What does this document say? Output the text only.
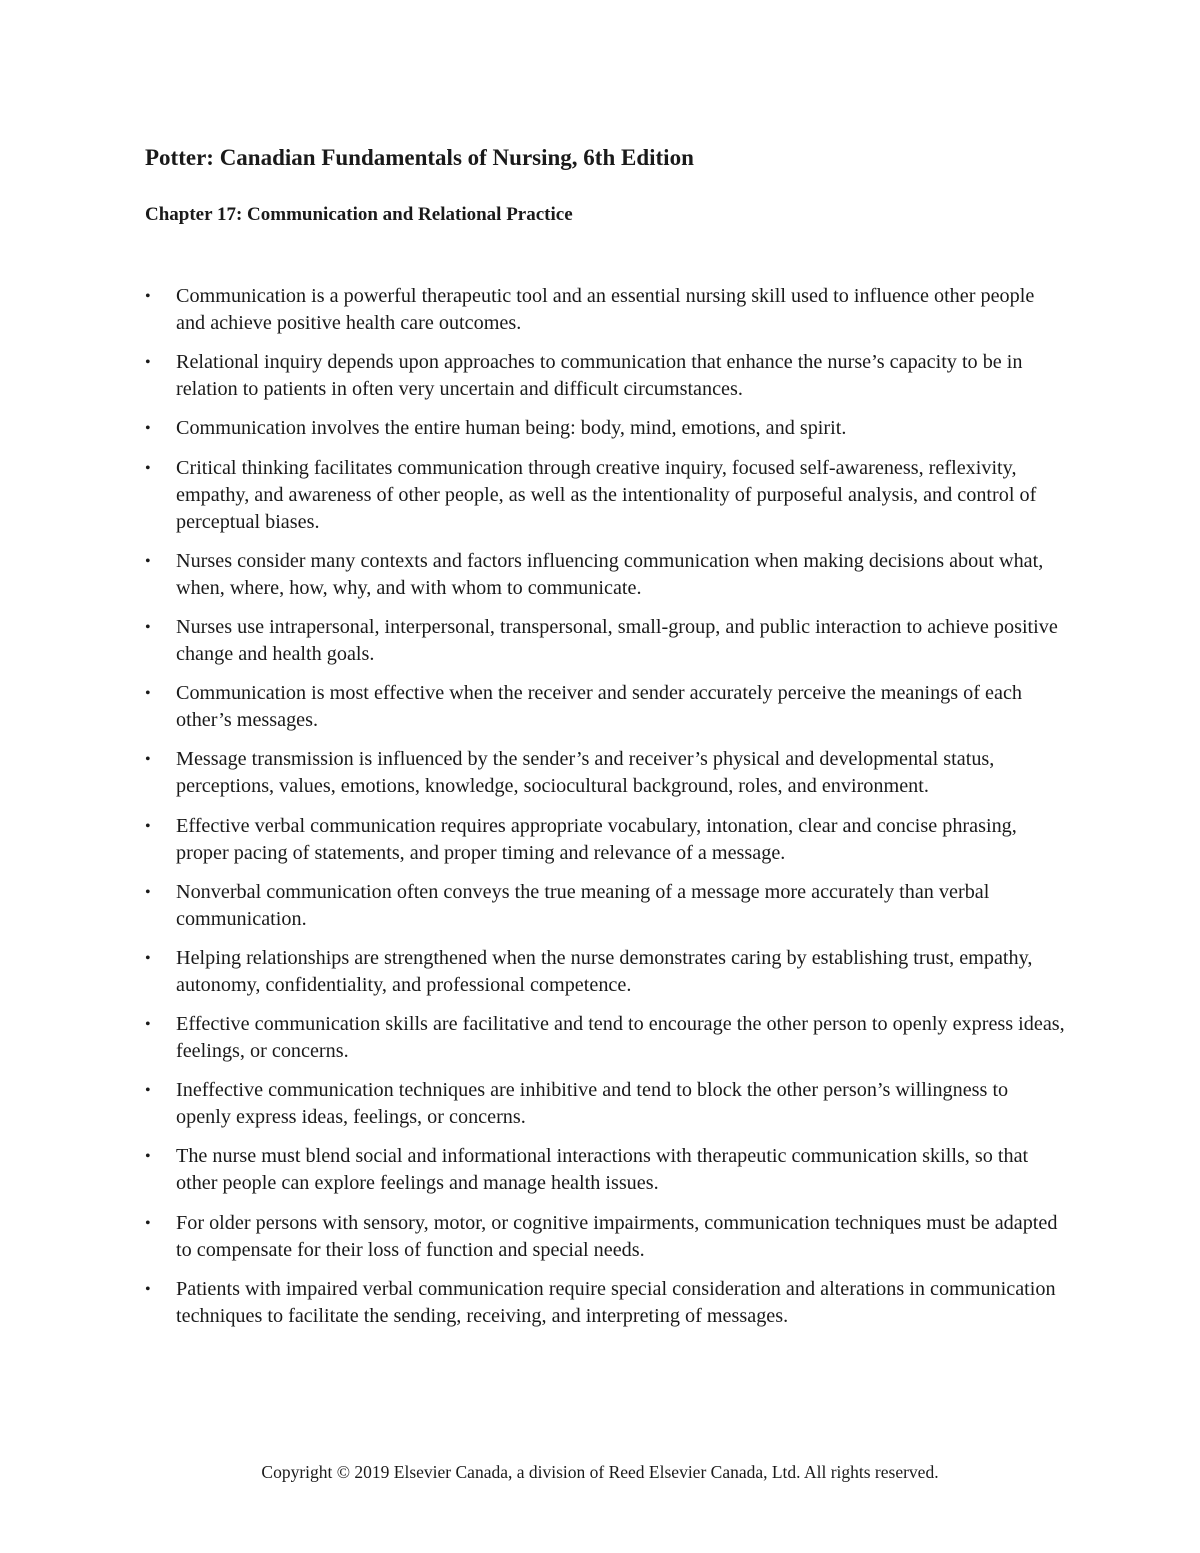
Potter: Canadian Fundamentals of Nursing, 6th Edition
Chapter 17: Communication and Relational Practice
• Communication is a powerful therapeutic tool and an essential nursing skill used to influence other people and achieve positive health care outcomes.
• Relational inquiry depends upon approaches to communication that enhance the nurse’s capacity to be in relation to patients in often very uncertain and difficult circumstances.
• Communication involves the entire human being: body, mind, emotions, and spirit.
• Critical thinking facilitates communication through creative inquiry, focused self-awareness, reflexivity, empathy, and awareness of other people, as well as the intentionality of purposeful analysis, and control of perceptual biases.
• Nurses consider many contexts and factors influencing communication when making decisions about what, when, where, how, why, and with whom to communicate.
• Nurses use intrapersonal, interpersonal, transpersonal, small-group, and public interaction to achieve positive change and health goals.
• Communication is most effective when the receiver and sender accurately perceive the meanings of each other’s messages.
• Message transmission is influenced by the sender’s and receiver’s physical and developmental status, perceptions, values, emotions, knowledge, sociocultural background, roles, and environment.
• Effective verbal communication requires appropriate vocabulary, intonation, clear and concise phrasing, proper pacing of statements, and proper timing and relevance of a message.
• Nonverbal communication often conveys the true meaning of a message more accurately than verbal communication.
• Helping relationships are strengthened when the nurse demonstrates caring by establishing trust, empathy, autonomy, confidentiality, and professional competence.
• Effective communication skills are facilitative and tend to encourage the other person to openly express ideas, feelings, or concerns.
• Ineffective communication techniques are inhibitive and tend to block the other person’s willingness to openly express ideas, feelings, or concerns.
• The nurse must blend social and informational interactions with therapeutic communication skills, so that other people can explore feelings and manage health issues.
• For older persons with sensory, motor, or cognitive impairments, communication techniques must be adapted to compensate for their loss of function and special needs.
• Patients with impaired verbal communication require special consideration and alterations in communication techniques to facilitate the sending, receiving, and interpreting of messages.

Copyright © 2019 Elsevier Canada, a division of Reed Elsevier Canada, Ltd. All rights reserved.
